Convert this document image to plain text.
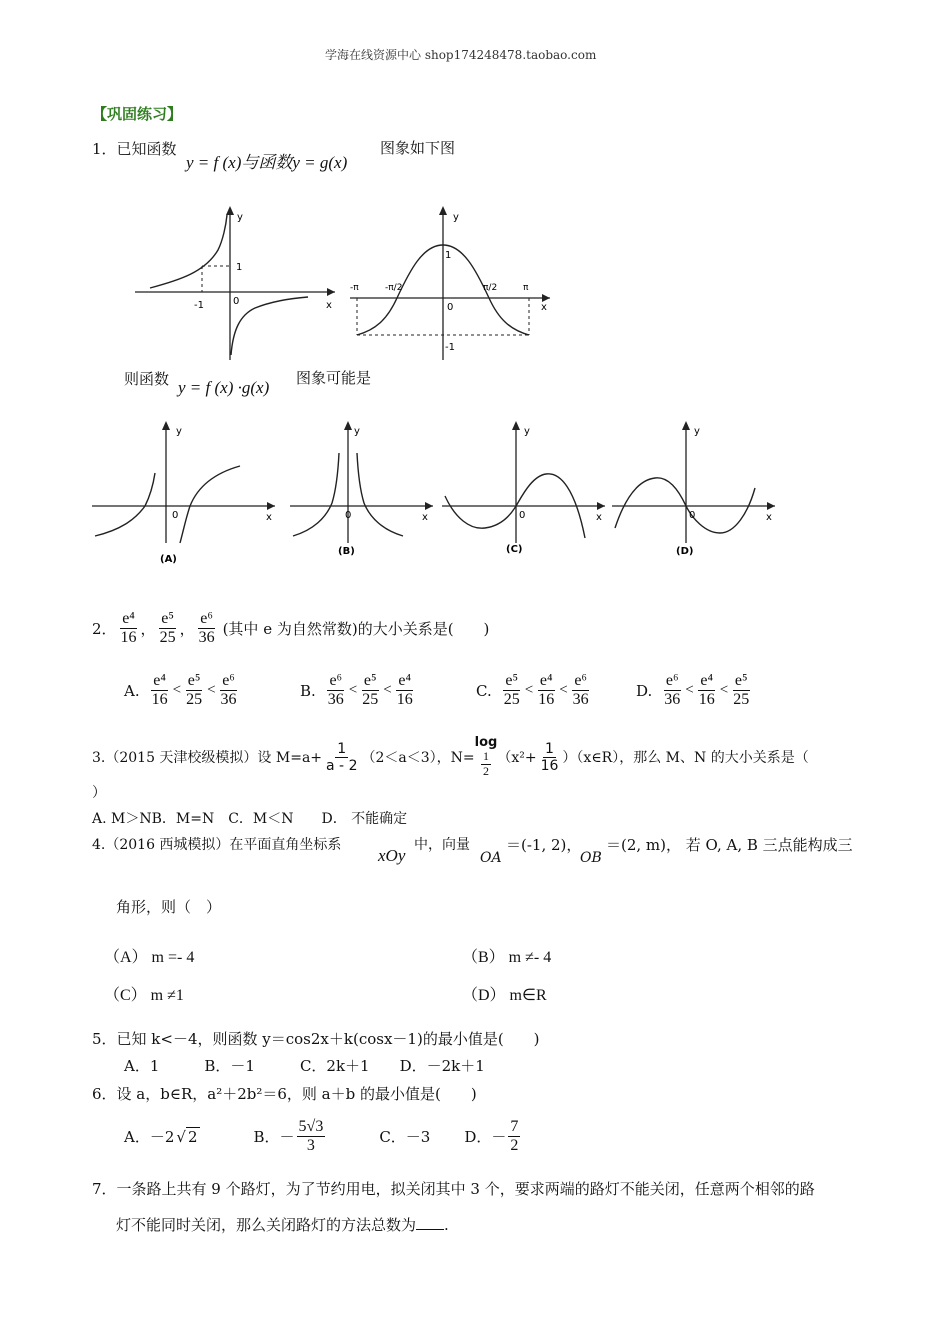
学海在线资源中心 shop174248478.taobao.com
【巩固练习】
1．已知函数
y = f (x)与函数y = g(x)
图象如下图
y
x
0
1
-1
y
x
0
1
-1
-π	-π/2	π/2	π
则函数 y = f (x) ·g(x) 图象可能是
y
x
0
(A)
y
x
0
(B)
y
x
0
(C)
y
x
0
(D)
2． $\frac{\text{e⁴}}{16}$ ， $\frac{\text{e⁵}}{25}$ ， $\frac{\text{e⁶}}{36}$ (其中 e 为自然常数)的大小关系是(　　)
A. $\frac{\text{e⁴}}{16} < \frac{\text{e⁵}}{25} < \frac{\text{e⁶}}{36}$	B. $\frac{\text{e⁶}}{36} < \frac{\text{e⁵}}{25} < \frac{\text{e⁴}}{16}$	C. $\frac{\text{e⁵}}{25} < \frac{\text{e⁴}}{16} < \frac{\text{e⁶}}{36}$	D. $\frac{\text{e⁶}}{36} < \frac{\text{e⁴}}{16} < \frac{\text{e⁵}}{25}$
3.（2015 天津校级模拟）设 $M=a+ \frac{1}{a - 2} (2<a<3)$，N=
log
$\frac{1}{2} (x^2+ \frac{1}{16}$ ）（x∈R），那么 M、N 的大小关系是（
）
A. M＞NB．M=N　C．M＜N　　D． 不能确定
4.（2016 西城模拟）在平面直角坐标系
xOy
中，向量
OA
＝(-1, 2)，
OB
＝(2, m)， 若 O, A, B 三点能构成三
角形，则（　）
（A） m =- 4	（B） m ≠- 4
（C） m ≠1	（D） m∈R
5．已知 k<－4，则函数 y＝cos2x＋k(cosx－1)的最小值是(　　)
A．1　　　B．－1　　　C．2k＋1　　D．－2k＋1
6．设 a，b∈R，a²＋2b²＝6，则 a＋b 的最小值是(　　)
A．－2 √ 2	B．－ $\frac{5√3}{3}$	C．－3 D．－ $\frac{7}{2}$
7．一条路上共有 9 个路灯，为了节约用电，拟关闭其中 3 个，要求两端的路灯不能关闭，任意两个相邻的路
灯不能同时关闭，那么关闭路灯的方法总数为 .
